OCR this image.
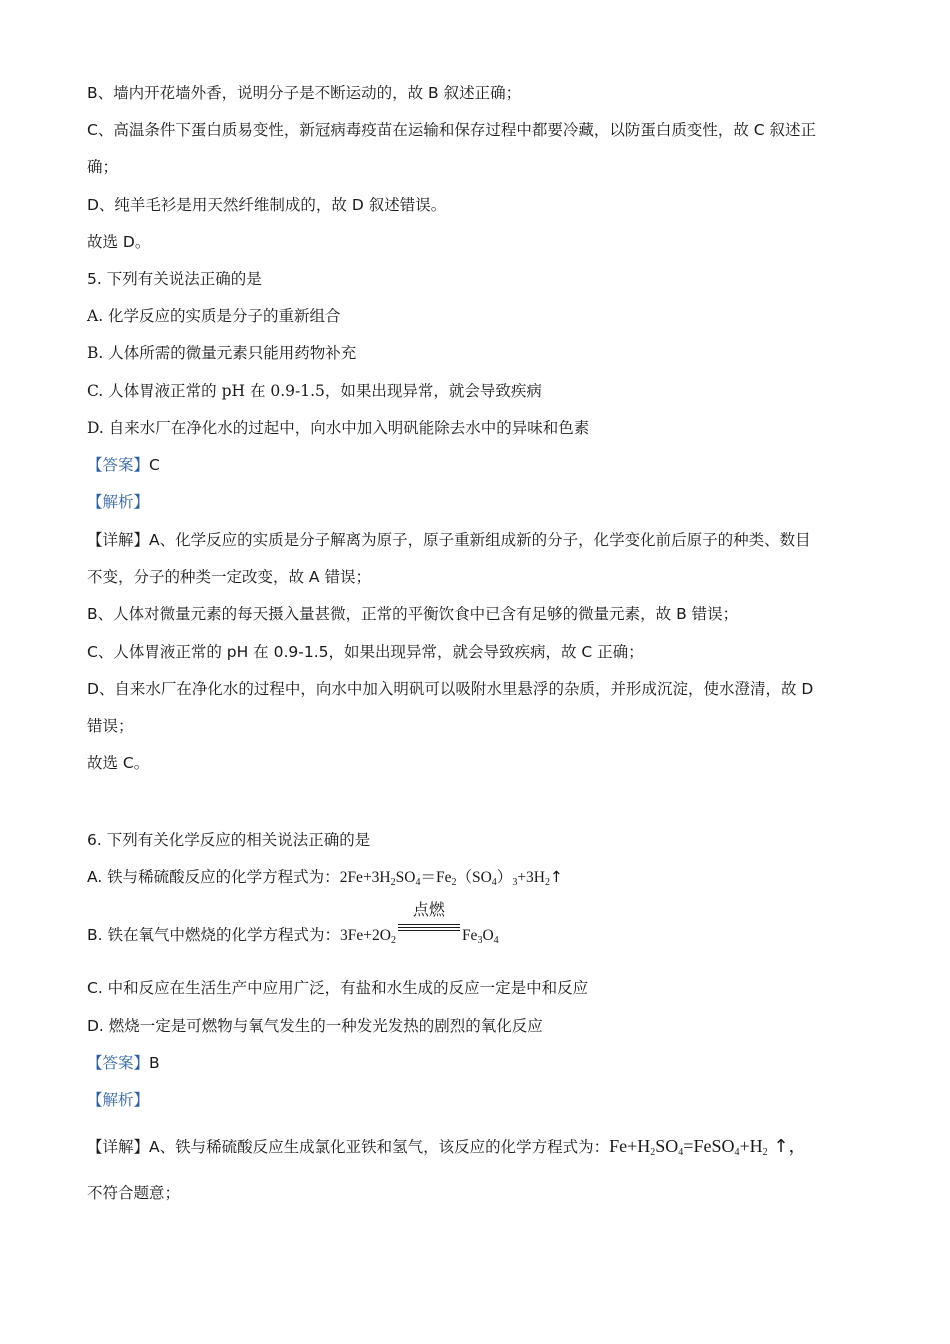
B、墙内开花墙外香，说明分子是不断运动的，故 B 叙述正确；
C、高温条件下蛋白质易变性，新冠病毒疫苗在运输和保存过程中都要冷藏，以防蛋白质变性，故 C 叙述正
确；
D、纯羊毛衫是用天然纤维制成的，故 D 叙述错误。
故选 D。
5. 下列有关说法正确的是
A. 化学反应的实质是分子的重新组合
B. 人体所需的微量元素只能用药物补充
C. 人体胃液正常的 pH 在 0.9-1.5，如果出现异常，就会导致疾病
D. 自来水厂在净化水的过起中，向水中加入明矾能除去水中的异味和色素
【答案】C
【解析】
【详解】A、化学反应的实质是分子解离为原子，原子重新组成新的分子，化学变化前后原子的种类、数目
不变，分子的种类一定改变，故 A 错误；
B、人体对微量元素的每天摄入量甚微，正常的平衡饮食中已含有足够的微量元素，故 B 错误；
C、人体胃液正常的 pH 在 0.9-1.5，如果出现异常，就会导致疾病，故 C 正确；
D、自来水厂在净化水的过程中，向水中加入明矾可以吸附水里悬浮的杂质，并形成沉淀，使水澄清，故 D
错误；
故选 C。
6. 下列有关化学反应的相关说法正确的是
A. 铁与稀硫酸反应的化学方程式为：$2Fe+3H_2SO_4=Fe_2(SO_4)_3+3H_2↑$
B. 铁在氧气中燃烧的化学方程式为：$3Fe+2O_2$
点燃
$Fe_3O_4$
C. 中和反应在生活生产中应用广泛，有盐和水生成的反应一定是中和反应
D. 燃烧一定是可燃物与氧气发生的一种发光发热的剧烈的氧化反应
【答案】B
【解析】
【详解】A、铁与稀硫酸反应生成氯化亚铁和氢气，该反应的化学方程式为：$Fe+H_2SO_4=FeSO_4+H_2$ ↑，
不符合题意；
